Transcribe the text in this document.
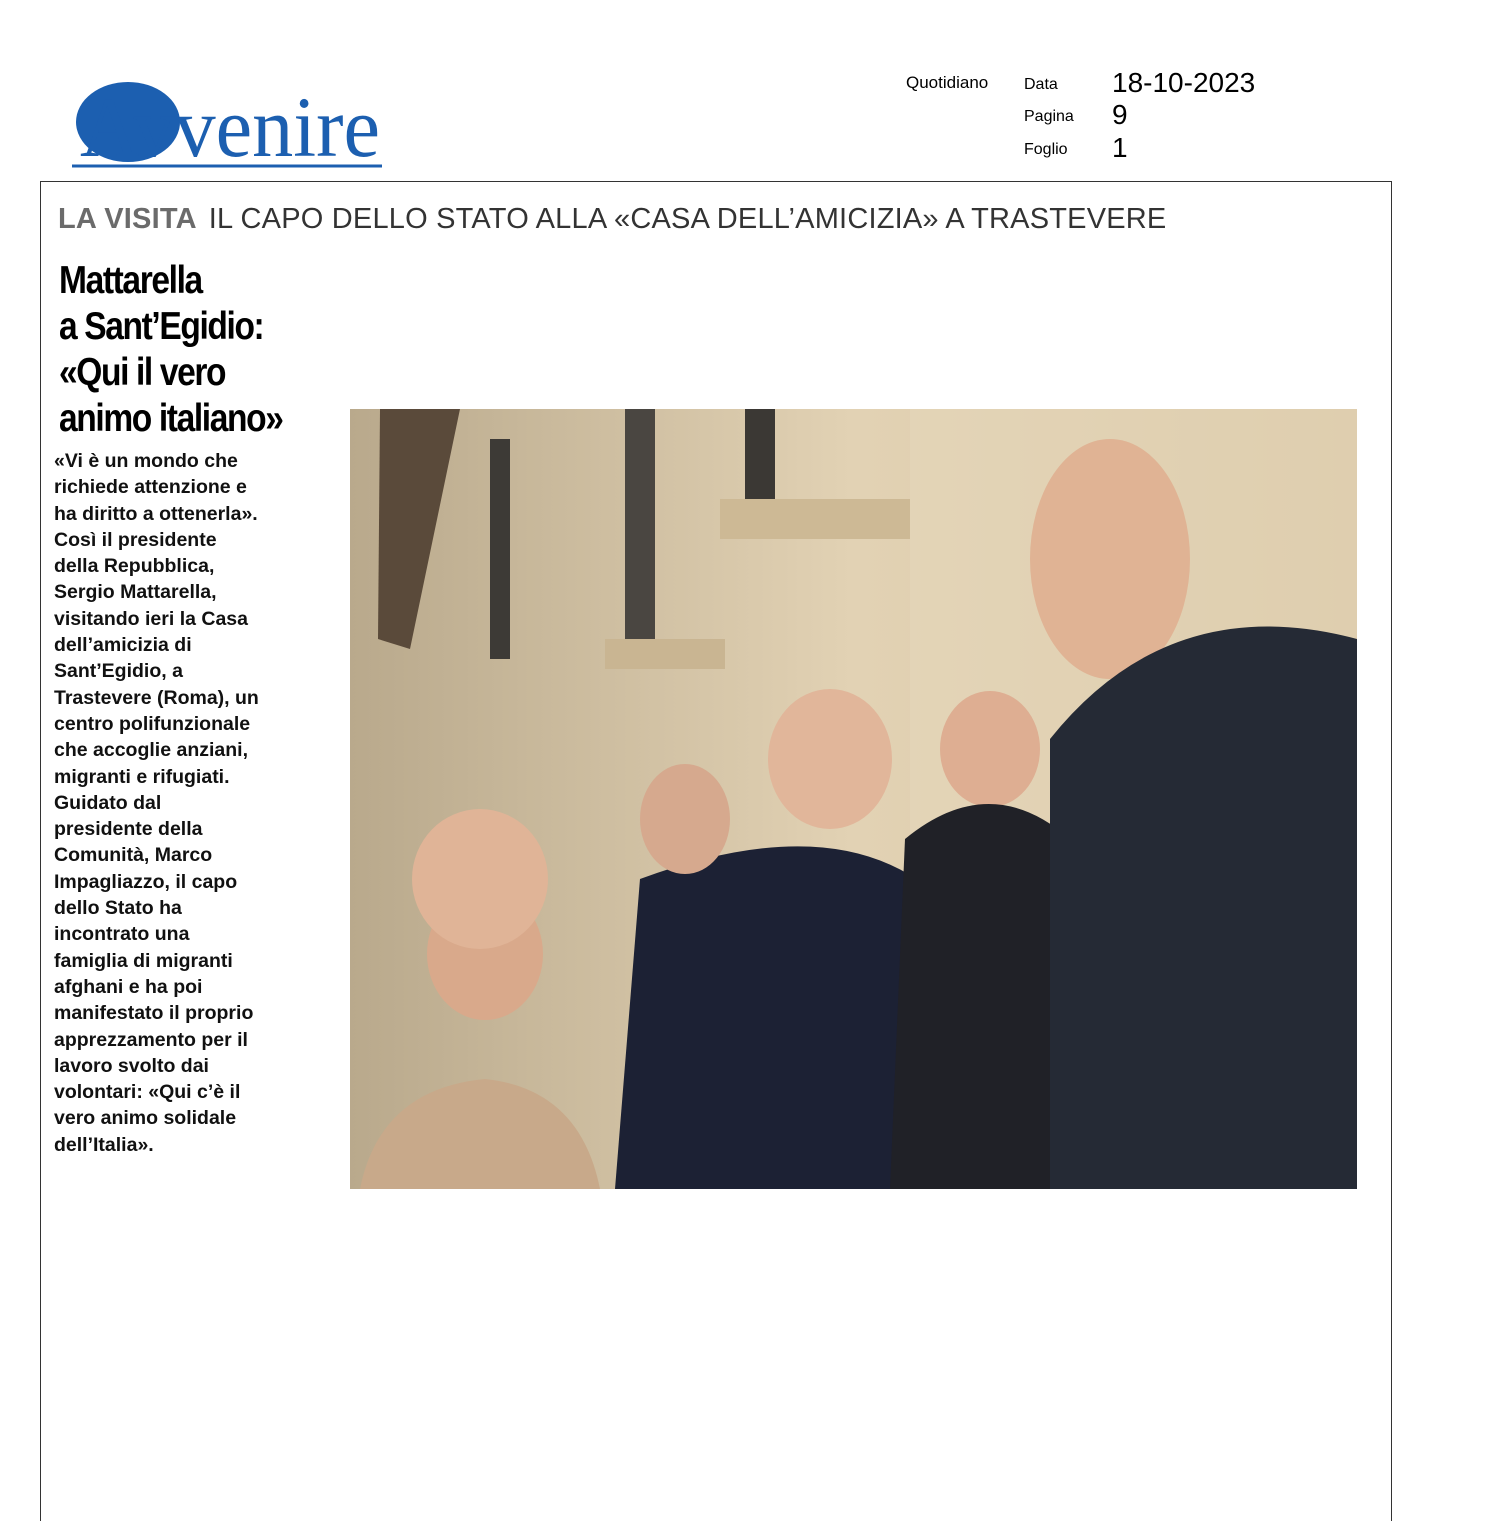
Avvenire	Quotidiano Data 18-10-2023
Pagina 9
Foglio 1
LA VISITA IL CAPO DELLO STATO ALLA «CASA DELL’AMICIZIA» A TRASTEVERE
Mattarella
a Sant’Egidio:
«Qui il vero
animo italiano»
«Vi è un mondo che
richiede attenzione e
ha diritto a ottenerla».
Così il presidente
della Repubblica,
Sergio Mattarella,
visitando ieri la Casa
dell’amicizia di
Sant’Egidio, a
Trastevere (Roma), un
centro polifunzionale
che accoglie anziani,
migranti e rifugiati.
Guidato dal
presidente della
Comunità, Marco
Impagliazzo, il capo
dello Stato ha
incontrato una
famiglia di migranti
afghani e ha poi
manifestato il proprio
apprezzamento per il
lavoro svolto dai
volontari: «Qui c’è il
vero animo solidale
dell’Italia».
